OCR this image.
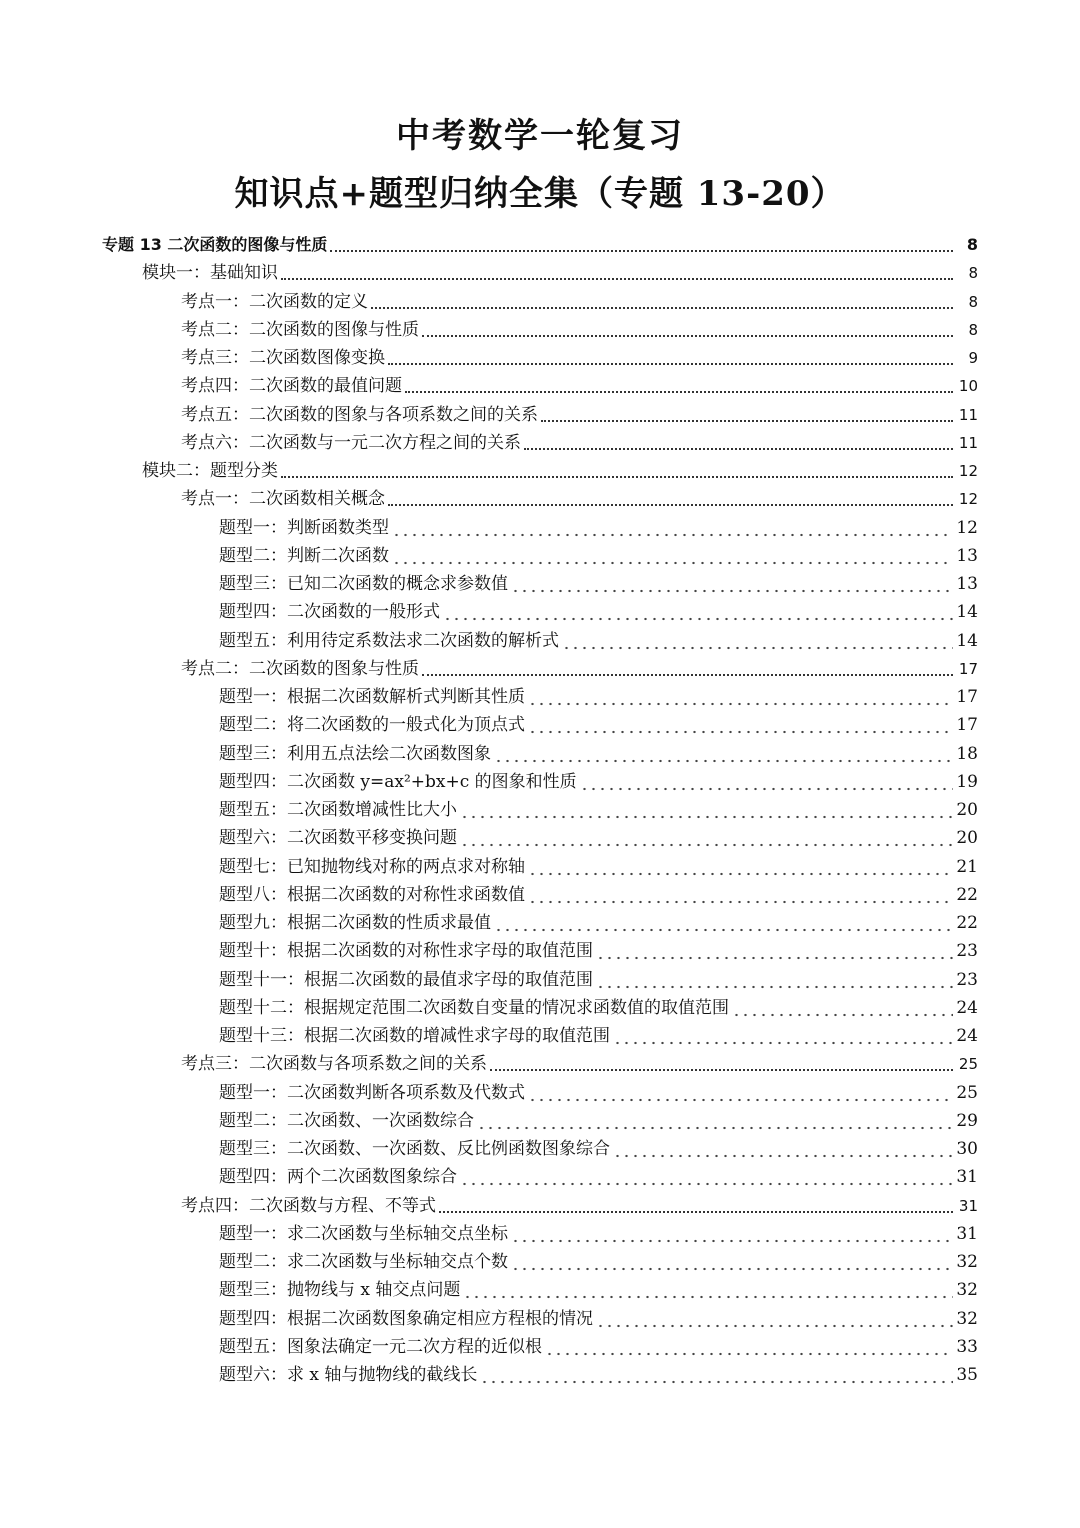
中考数学一轮复习
知识点+题型归纳全集（专题 13-20）
专题 13 二次函数的图像与性质	8
模块一：基础知识	8
考点一：二次函数的定义	8
考点二：二次函数的图像与性质	8
考点三：二次函数图像变换	9
考点四：二次函数的最值问题	10
考点五：二次函数的图象与各项系数之间的关系	11
考点六：二次函数与一元二次方程之间的关系	11
模块二：题型分类	12
考点一：二次函数相关概念	12
题型一：判断函数类型	12
题型二：判断二次函数	13
题型三：已知二次函数的概念求参数值	13
题型四：二次函数的一般形式	14
题型五：利用待定系数法求二次函数的解析式	14
考点二：二次函数的图象与性质	17
题型一：根据二次函数解析式判断其性质	17
题型二：将二次函数的一般式化为顶点式	17
题型三：利用五点法绘二次函数图象	18
题型四：二次函数 y=ax²+bx+c 的图象和性质	19
题型五：二次函数增减性比大小	20
题型六：二次函数平移变换问题	20
题型七：已知抛物线对称的两点求对称轴	21
题型八：根据二次函数的对称性求函数值	22
题型九：根据二次函数的性质求最值	22
题型十：根据二次函数的对称性求字母的取值范围	23
题型十一：根据二次函数的最值求字母的取值范围	23
题型十二：根据规定范围二次函数自变量的情况求函数值的取值范围	24
题型十三：根据二次函数的增减性求字母的取值范围	24
考点三：二次函数与各项系数之间的关系	25
题型一：二次函数判断各项系数及代数式	25
题型二：二次函数、一次函数综合	29
题型三：二次函数、一次函数、反比例函数图象综合	30
题型四：两个二次函数图象综合	31
考点四：二次函数与方程、不等式	31
题型一：求二次函数与坐标轴交点坐标	31
题型二：求二次函数与坐标轴交点个数	32
题型三：抛物线与 x 轴交点问题	32
题型四：根据二次函数图象确定相应方程根的情况	32
题型五：图象法确定一元二次方程的近似根	33
题型六：求 x 轴与抛物线的截线长	35
